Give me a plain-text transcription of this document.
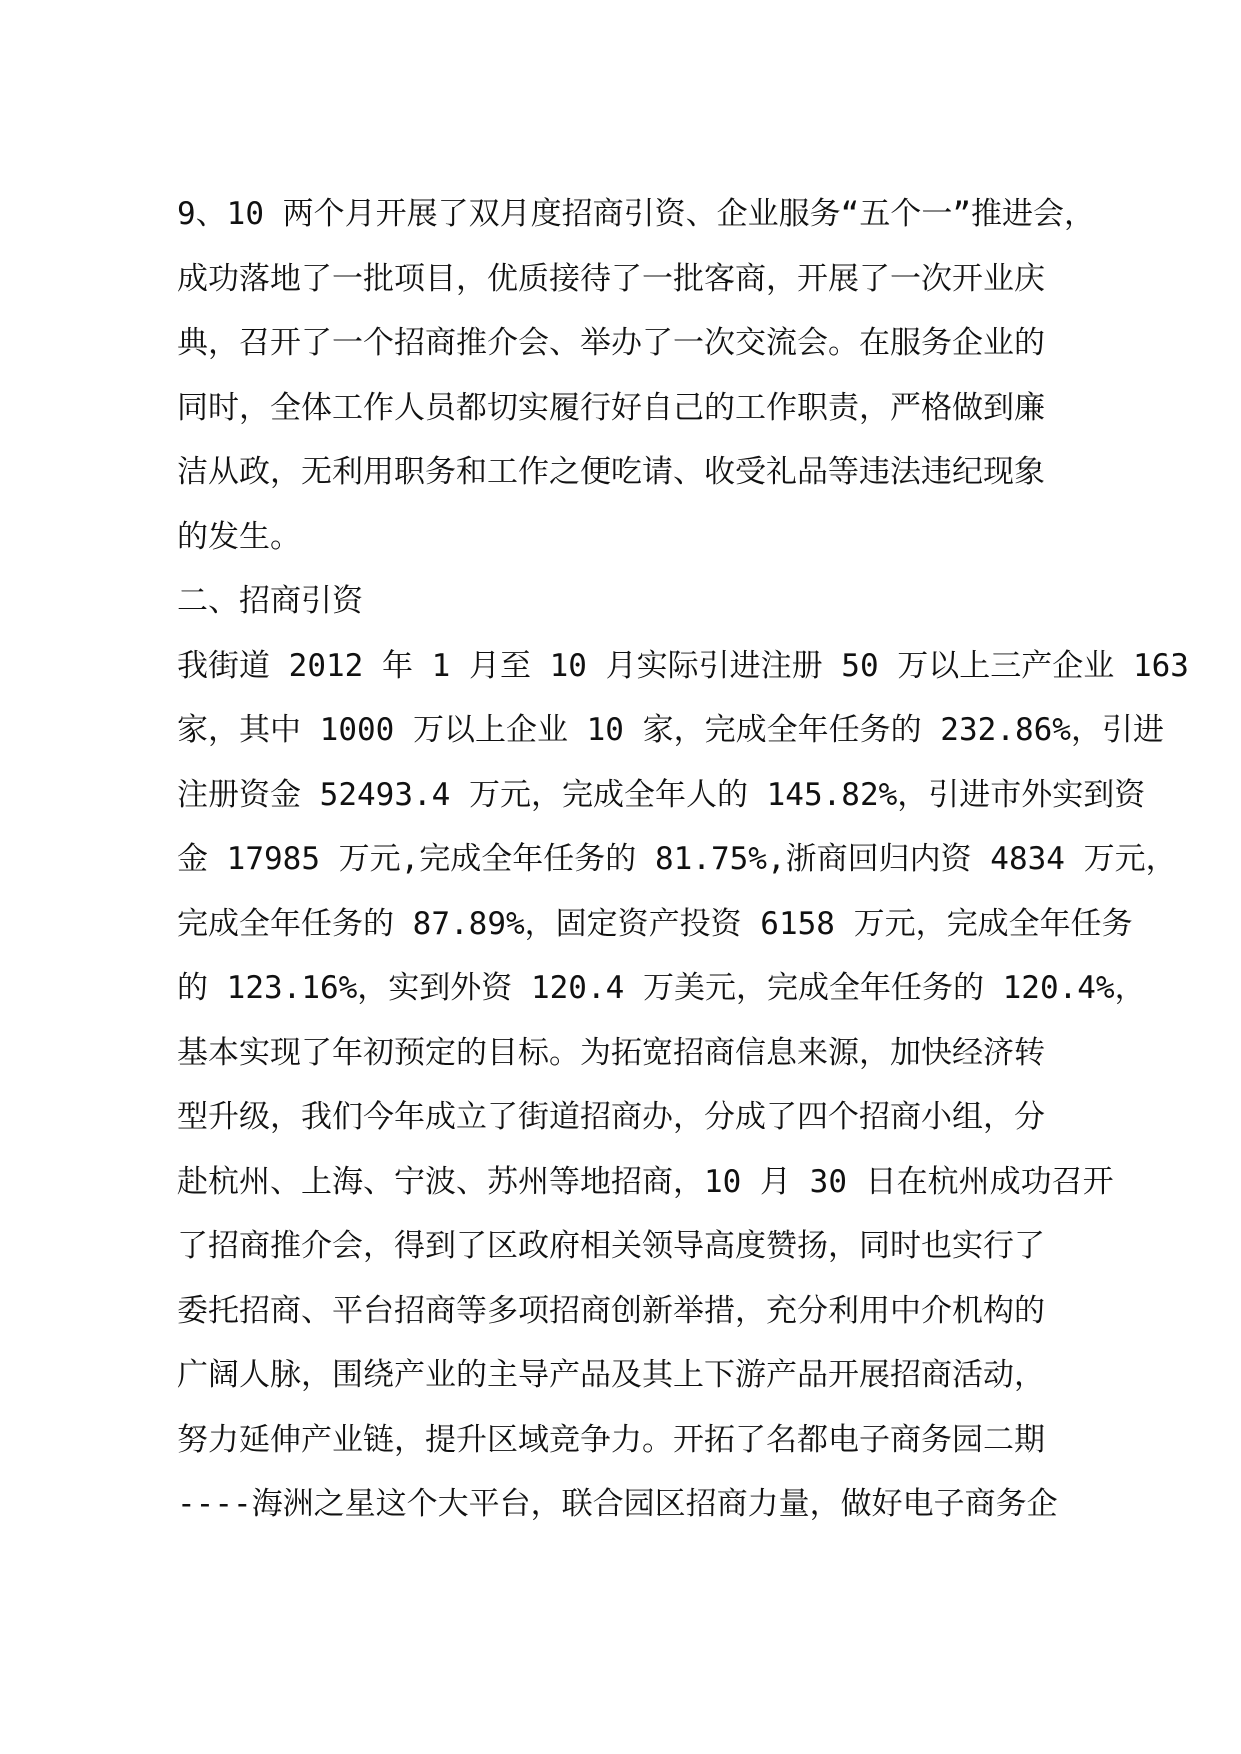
9、10 两个月开展了双月度招商引资、企业服务“五个一”推进会，
成功落地了一批项目，优质接待了一批客商，开展了一次开业庆
典，召开了一个招商推介会、举办了一次交流会。在服务企业的
同时，全体工作人员都切实履行好自己的工作职责，严格做到廉
洁从政，无利用职务和工作之便吃请、收受礼品等违法违纪现象
的发生。
二、招商引资
我街道 2012 年 1 月至 10 月实际引进注册 50 万以上三产企业 163
家，其中 1000 万以上企业 10 家，完成全年任务的 232.86%，引进
注册资金 52493.4 万元，完成全年人的 145.82%，引进市外实到资
金 17985 万元,完成全年任务的 81.75%,浙商回归内资 4834 万元，
完成全年任务的 87.89%，固定资产投资 6158 万元，完成全年任务
的 123.16%，实到外资 120.4 万美元，完成全年任务的 120.4%，
基本实现了年初预定的目标。为拓宽招商信息来源，加快经济转
型升级，我们今年成立了街道招商办，分成了四个招商小组，分
赴杭州、上海、宁波、苏州等地招商，10 月 30 日在杭州成功召开
了招商推介会，得到了区政府相关领导高度赞扬，同时也实行了
委托招商、平台招商等多项招商创新举措，充分利用中介机构的
广阔人脉，围绕产业的主导产品及其上下游产品开展招商活动，
努力延伸产业链，提升区域竞争力。开拓了名都电子商务园二期
----海洲之星这个大平台，联合园区招商力量，做好电子商务企
